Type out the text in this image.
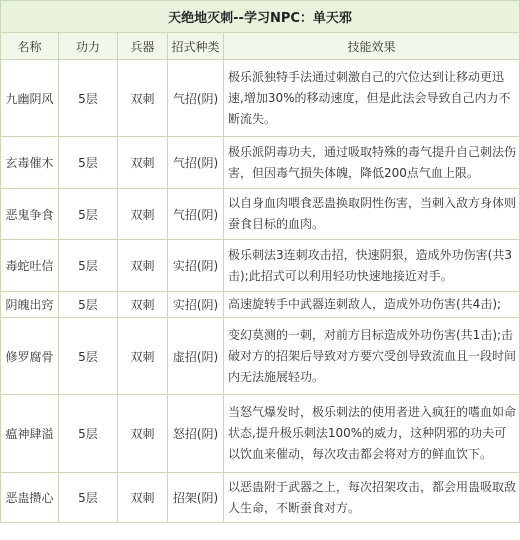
天绝地灭刺--学习NPC：单天邪				
名称	功力	兵器	招式种类	技能效果
九幽阴风	5层	双刺	气招(阴)	极乐派独特手法通过刺激自己的穴位达到让移动更迅速,增加30%的移动速度，但是此法会导致自己内力不断流失。
玄毒催木	5层	双刺	气招(阴)	极乐派阴毒功夫，通过吸取特殊的毒气提升自己刺法伤害，但因毒气损失体魄，降低200点气血上限。
恶鬼争食	5层	双刺	气招(阴)	以自身血肉喂食恶蛊换取阴性伤害，当刺入敌方身体则蚕食目标的血肉。
毒蛇吐信	5层	双刺	实招(阴)	极乐刺法3连刺攻击招，快速阴狠，造成外功伤害(共3击);此招式可以利用轻功快速地接近对手。
阴魄出窍	5层	双刺	实招(阴)	高速旋转手中武器连刺敌人，造成外功伤害(共4击);
修罗腐骨	5层	双刺	虚招(阴)	变幻莫测的一刺，对前方目标造成外功伤害(共1击);击破对方的招架后导致对方要穴受创导致流血且一段时间内无法施展轻功。
瘟神肆溢	5层	双刺	怒招(阴)	当怒气爆发时，极乐刺法的使用者进入疯狂的嗜血如命状态,提升极乐刺法100%的威力，这种阴邪的功夫可以饮血来催动，每次攻击都会将对方的鲜血饮下。
恶蛊攒心	5层	双刺	招架(阴)	以恶蛊附于武器之上，每次招架攻击，都会用蛊吸取敌人生命，不断蚕食对方。
